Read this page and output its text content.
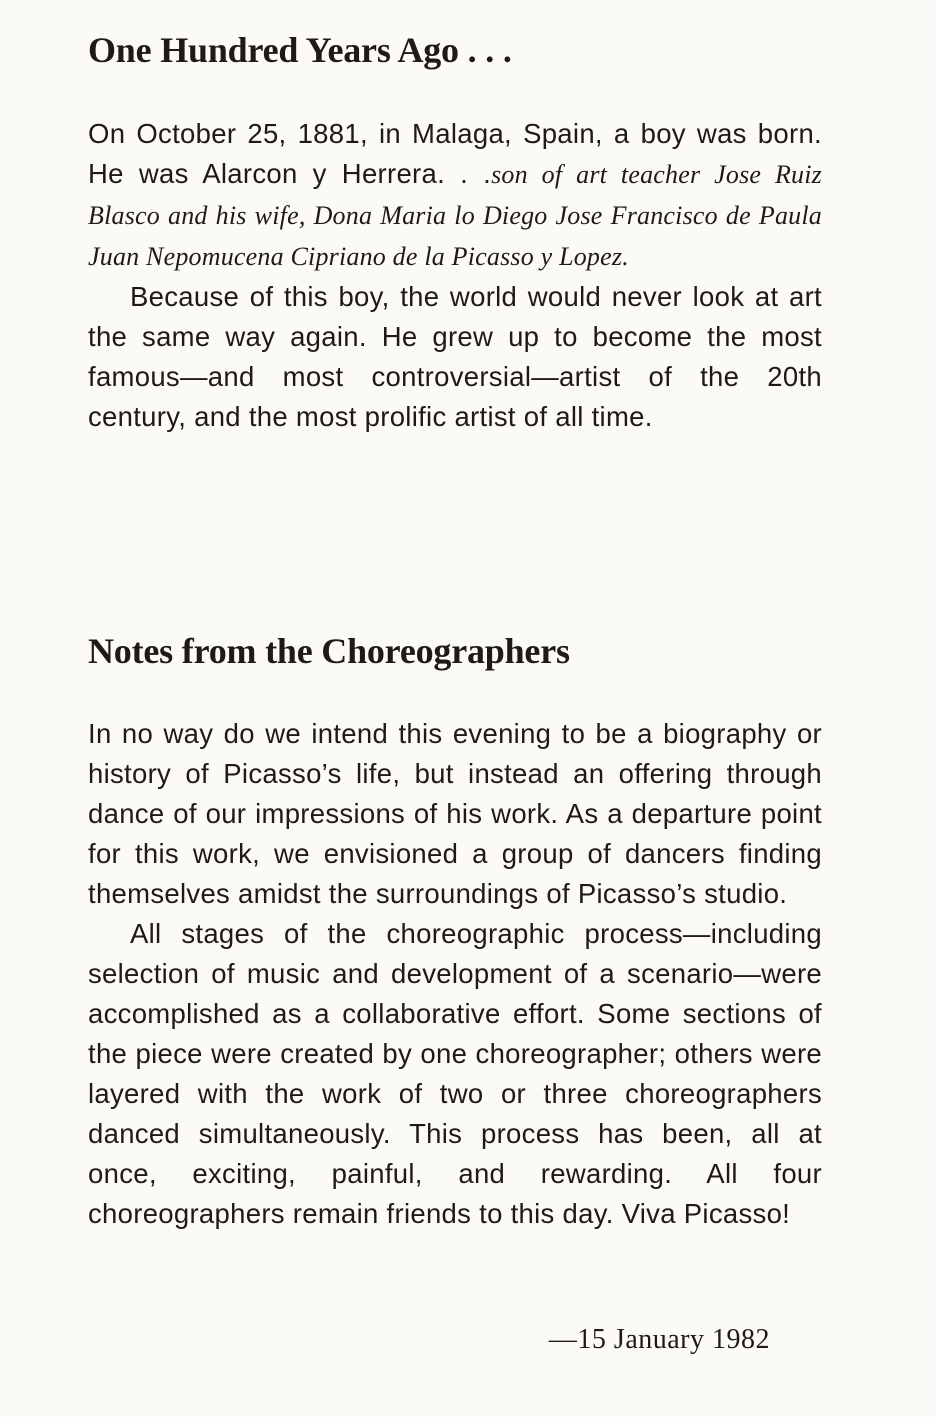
One Hundred Years Ago . . .

On October 25, 1881, in Malaga, Spain, a boy was born. He was Alarcon y Herrera. . .son of art teacher Jose Ruiz Blasco and his wife, Dona Maria lo Diego Jose Francisco de Paula Juan Nepomucena Cipriano de la Picasso y Lopez.

Because of this boy, the world would never look at art the same way again. He grew up to become the most famous—and most controversial—artist of the 20th century, and the most prolific artist of all time.

Notes from the Choreographers

In no way do we intend this evening to be a biography or history of Picasso’s life, but instead an offering through dance of our impressions of his work. As a departure point for this work, we envisioned a group of dancers finding themselves amidst the surroundings of Picasso’s studio.

All stages of the choreographic process—including selection of music and development of a scenario—were accomplished as a collaborative effort. Some sections of the piece were created by one choreographer; others were layered with the work of two or three choreographers danced simultaneously. This process has been, all at once, exciting, painful, and rewarding. All four choreographers remain friends to this day. Viva Picasso!

—15 January 1982
